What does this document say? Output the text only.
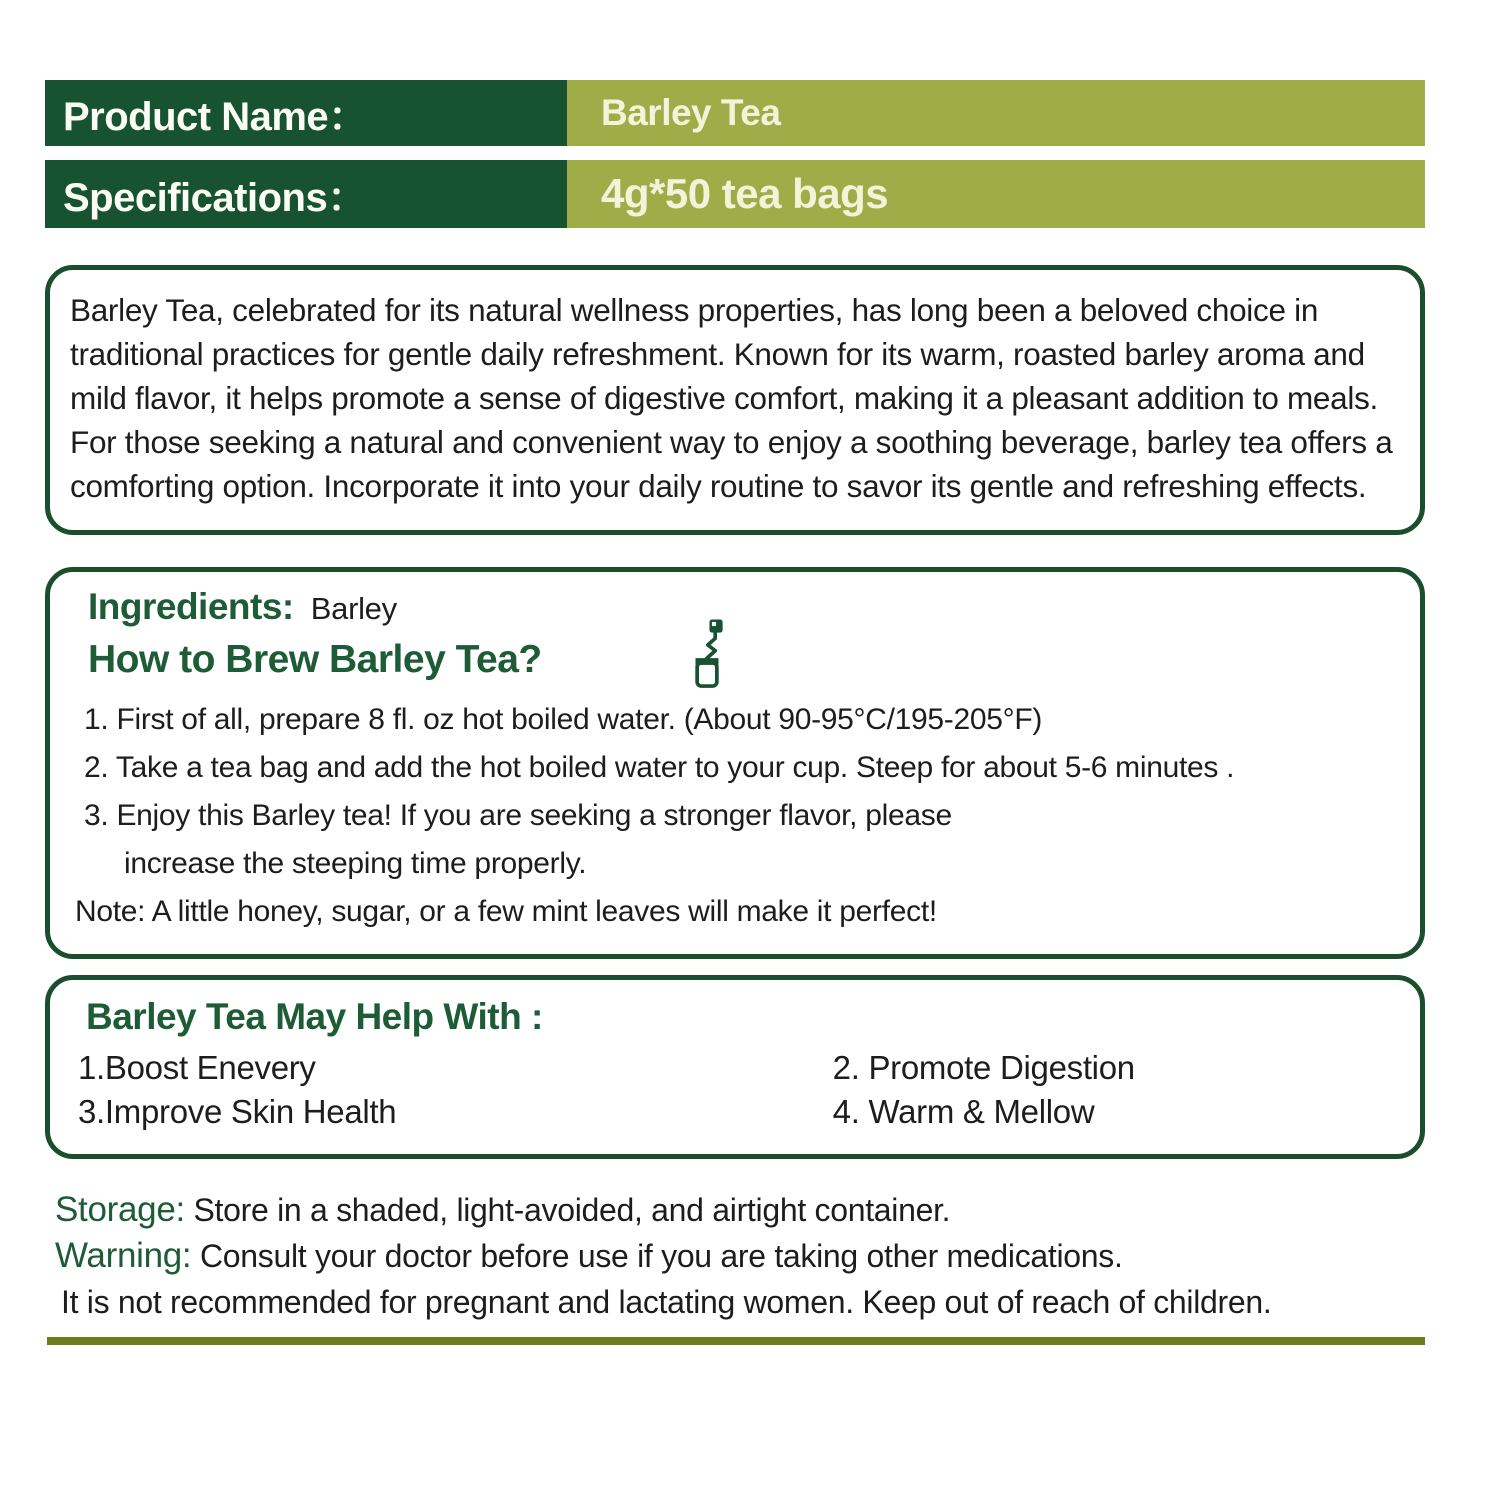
Product Name：	Barley Tea
Specifications：	4g*50 tea bags
Barley Tea, celebrated for its natural wellness properties, has long been a beloved choice in traditional practices for gentle daily refreshment. Known for its warm, roasted barley aroma and mild flavor, it helps promote a sense of digestive comfort, making it a pleasant addition to meals. For those seeking a natural and convenient way to enjoy a soothing beverage, barley tea offers a comforting option. Incorporate it into your daily routine to savor its gentle and refreshing effects.
Ingredients: Barley
How to Brew Barley Tea?
1. First of all, prepare 8 fl. oz hot boiled water. (About 90-95°C/195-205°F)
2. Take a tea bag and add the hot boiled water to your cup. Steep for about 5-6 minutes .
3. Enjoy this Barley tea! If you are seeking a stronger flavor, please
increase the steeping time properly.
Note: A little honey, sugar, or a few mint leaves will make it perfect!
Barley Tea May Help With :
1.Boost Enevery	2. Promote Digestion
3.Improve Skin Health	4. Warm & Mellow
Storage: Store in a shaded, light-avoided, and airtight container.
Warning: Consult your doctor before use if you are taking other medications.
It is not recommended for pregnant and lactating women. Keep out of reach of children.
